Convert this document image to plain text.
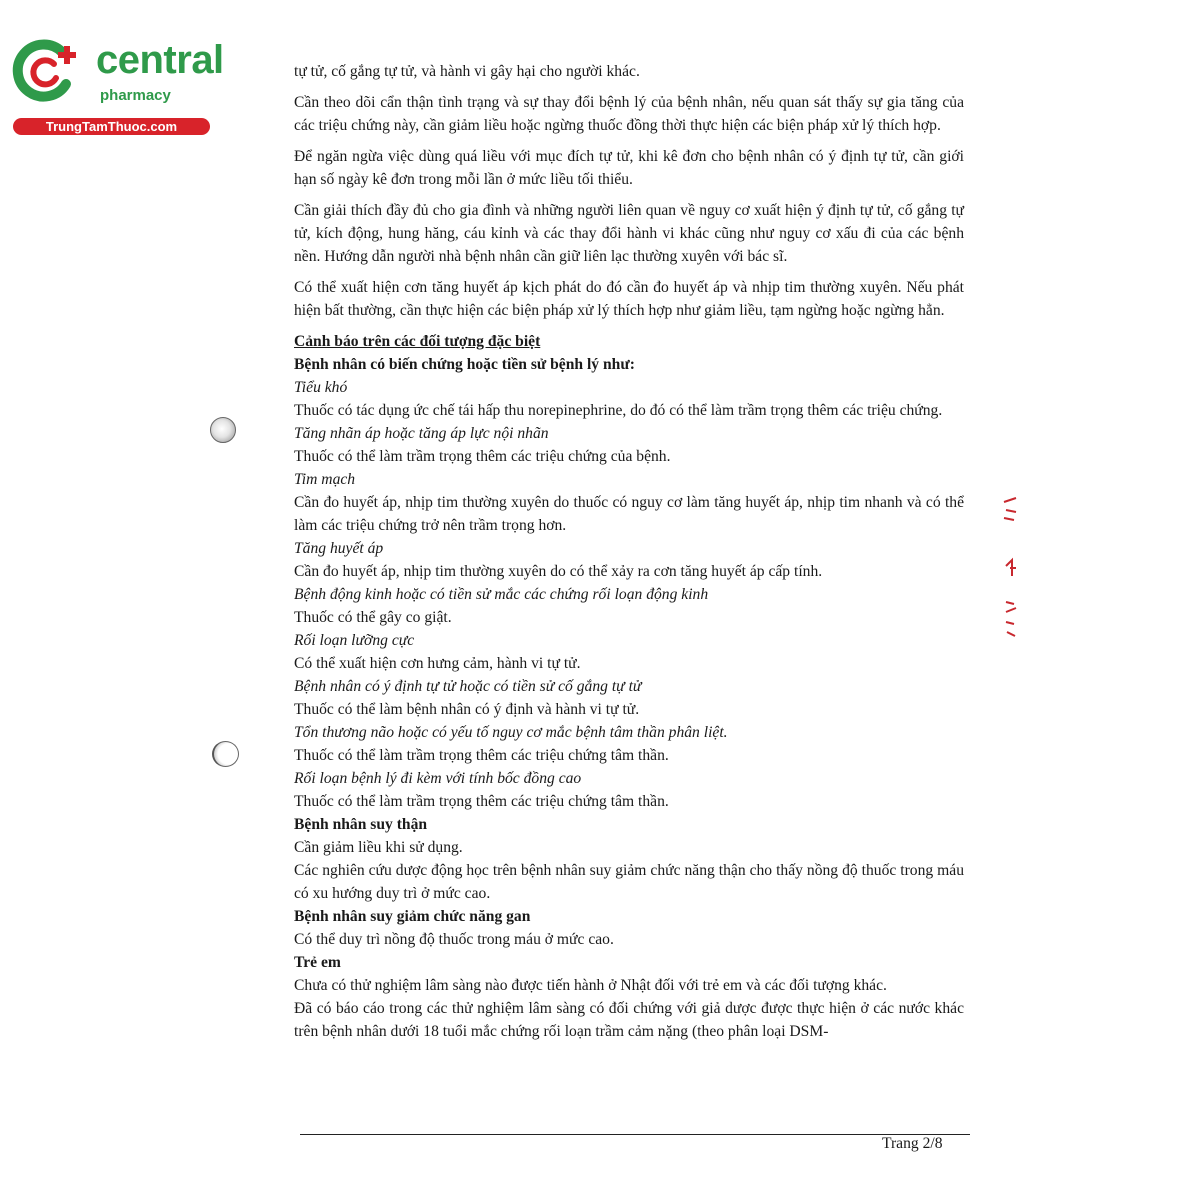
central
pharmacy
TrungTamThuoc.com

tự tử, cố gắng tự tử, và hành vi gây hại cho người khác.

Cần theo dõi cẩn thận tình trạng và sự thay đổi bệnh lý của bệnh nhân, nếu quan sát thấy sự gia tăng của các triệu chứng này, cần giảm liều hoặc ngừng thuốc đồng thời thực hiện các biện pháp xử lý thích hợp.

Để ngăn ngừa việc dùng quá liều với mục đích tự tử, khi kê đơn cho bệnh nhân có ý định tự tử, cần giới hạn số ngày kê đơn trong mỗi lần ở mức liều tối thiểu.

Cần giải thích đầy đủ cho gia đình và những người liên quan về nguy cơ xuất hiện ý định tự tử, cố gắng tự tử, kích động, hung hăng, cáu kỉnh và các thay đổi hành vi khác cũng như nguy cơ xấu đi của các bệnh nền. Hướng dẫn người nhà bệnh nhân cần giữ liên lạc thường xuyên với bác sĩ.

Có thể xuất hiện cơn tăng huyết áp kịch phát do đó cần đo huyết áp và nhịp tim thường xuyên. Nếu phát hiện bất thường, cần thực hiện các biện pháp xử lý thích hợp như giảm liều, tạm ngừng hoặc ngừng hẳn.

Cảnh báo trên các đối tượng đặc biệt
Bệnh nhân có biến chứng hoặc tiền sử bệnh lý như:
Tiểu khó
Thuốc có tác dụng ức chế tái hấp thu norepinephrine, do đó có thể làm trầm trọng thêm các triệu chứng.
Tăng nhãn áp hoặc tăng áp lực nội nhãn
Thuốc có thể làm trầm trọng thêm các triệu chứng của bệnh.
Tim mạch
Cần đo huyết áp, nhịp tim thường xuyên do thuốc có nguy cơ làm tăng huyết áp, nhịp tim nhanh và có thể làm các triệu chứng trở nên trầm trọng hơn.
Tăng huyết áp
Cần đo huyết áp, nhịp tim thường xuyên do có thể xảy ra cơn tăng huyết áp cấp tính.
Bệnh động kinh hoặc có tiền sử mắc các chứng rối loạn động kinh
Thuốc có thể gây co giật.
Rối loạn lưỡng cực
Có thể xuất hiện cơn hưng cảm, hành vi tự tử.
Bệnh nhân có ý định tự tử hoặc có tiền sử cố gắng tự tử
Thuốc có thể làm bệnh nhân có ý định và hành vi tự tử.
Tổn thương não hoặc có yếu tố nguy cơ mắc bệnh tâm thần phân liệt.
Thuốc có thể làm trầm trọng thêm các triệu chứng tâm thần.
Rối loạn bệnh lý đi kèm với tính bốc đồng cao
Thuốc có thể làm trầm trọng thêm các triệu chứng tâm thần.
Bệnh nhân suy thận
Cần giảm liều khi sử dụng.
Các nghiên cứu dược động học trên bệnh nhân suy giảm chức năng thận cho thấy nồng độ thuốc trong máu có xu hướng duy trì ở mức cao.
Bệnh nhân suy giảm chức năng gan
Có thể duy trì nồng độ thuốc trong máu ở mức cao.
Trẻ em
Chưa có thử nghiệm lâm sàng nào được tiến hành ở Nhật đối với trẻ em và các đối tượng khác.
Đã có báo cáo trong các thử nghiệm lâm sàng có đối chứng với giả dược được thực hiện ở các nước khác trên bệnh nhân dưới 18 tuổi mắc chứng rối loạn trầm cảm nặng (theo phân loại DSM-
Trang 2/8
